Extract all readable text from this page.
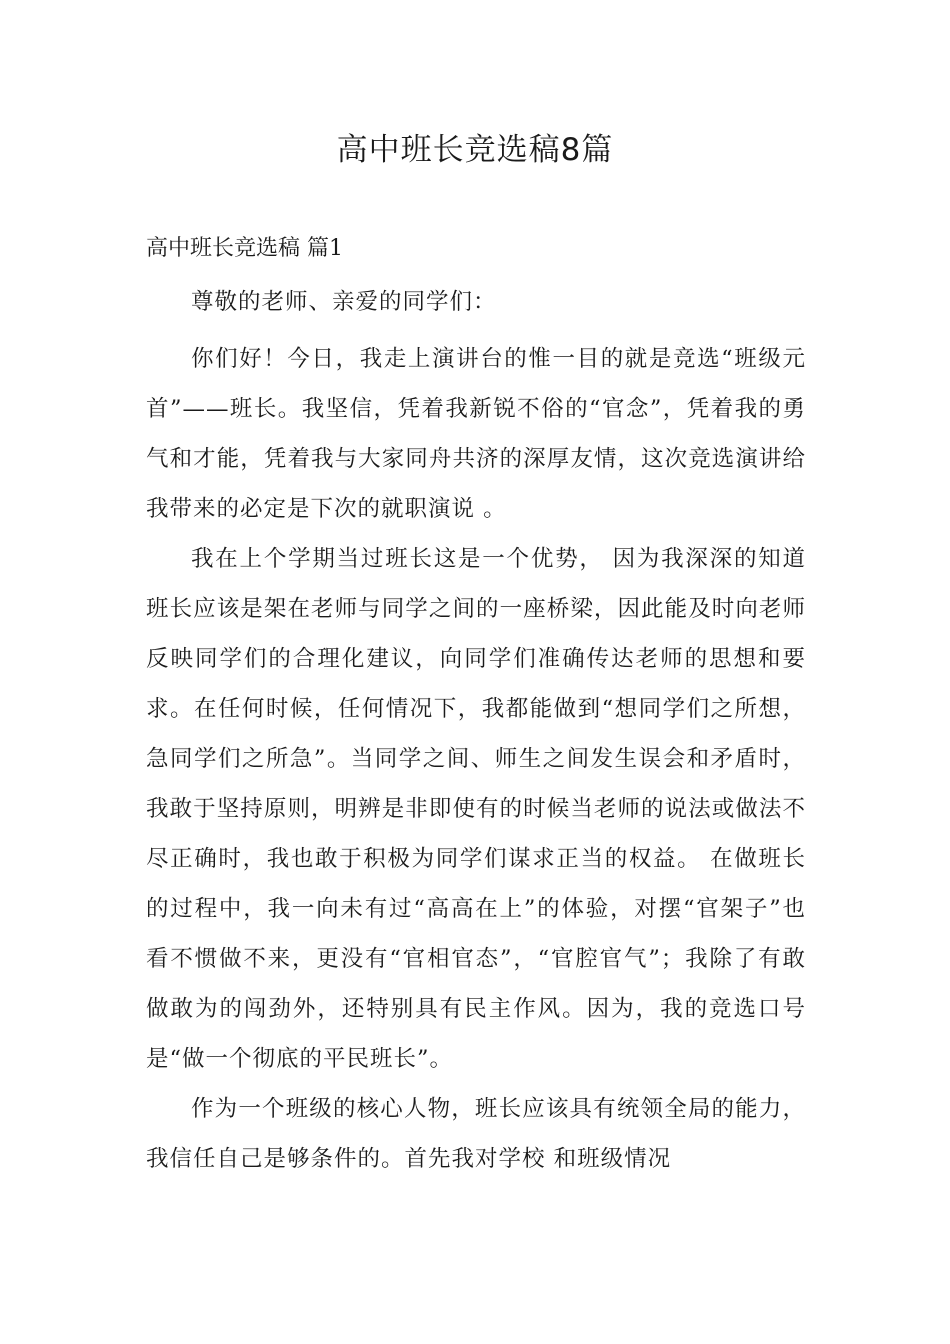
高中班长竞选稿8篇
高中班长竞选稿 篇1

尊敬的老师、亲爱的同学们：

你们好！今日，我走上演讲台的惟一目的就是竞选“班级元首”——班长。我坚信，凭着我新锐不俗的“官念”，凭着我的勇气和才能，凭着我与大家同舟共济的深厚友情，这次竞选演讲给我带来的必定是下次的就职演说 。

我在上个学期当过班长这是一个优势， 因为我深深的知道班长应该是架在老师与同学之间的一座桥梁，因此能及时向老师反映同学们的合理化建议，向同学们准确传达老师的思想和要求。在任何时候，任何情况下，我都能做到“想同学们之所想，急同学们之所急”。当同学之间、师生之间发生误会和矛盾时，我敢于坚持原则，明辨是非即使有的时候当老师的说法或做法不尽正确时，我也敢于积极为同学们谋求正当的权益。 在做班长的过程中，我一向未有过“高高在上”的体验，对摆“官架子”也看不惯做不来，更没有“官相官态”，“官腔官气”；我除了有敢做敢为的闯劲外，还特别具有民主作风。因为，我的竞选口号是“做一个彻底的平民班长”。

作为一个班级的核心人物，班长应该具有统领全局的能力，我信任自己是够条件的。首先我对学校 和班级情况
